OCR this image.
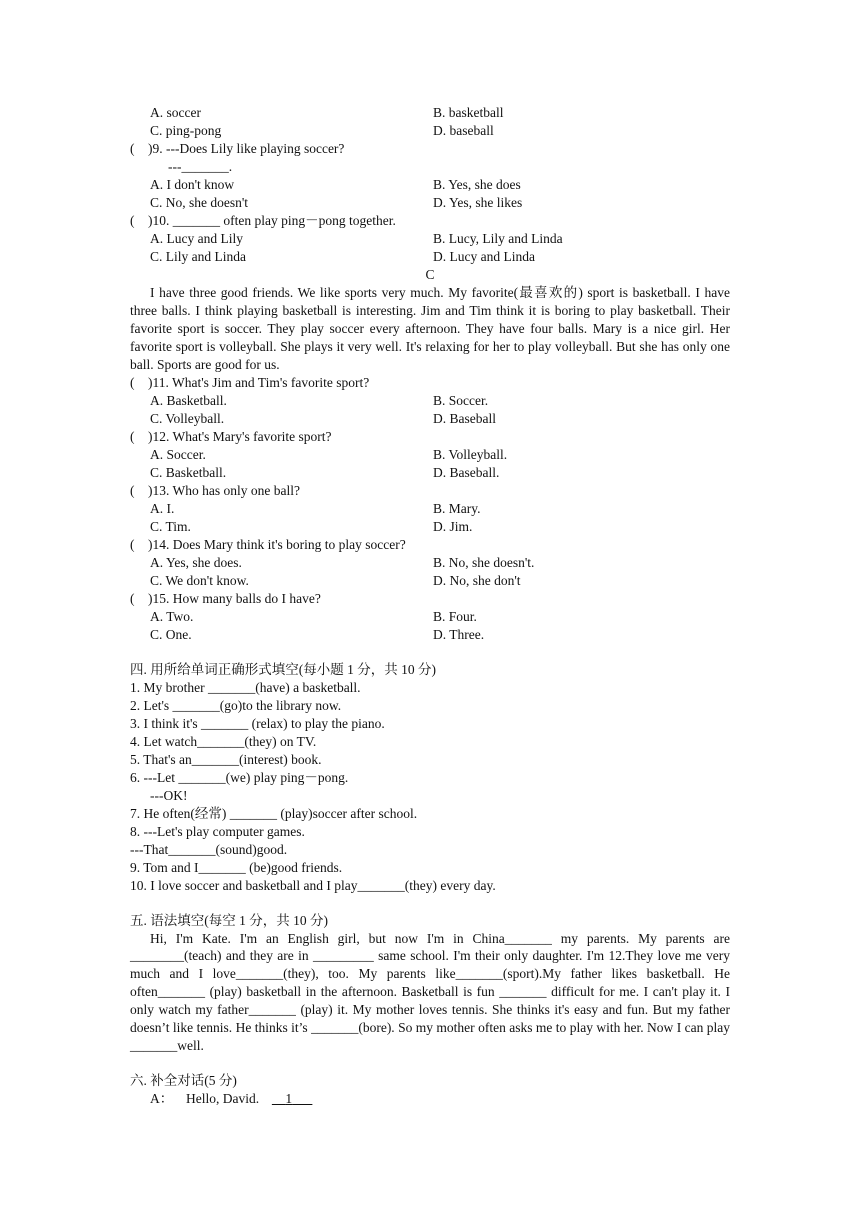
A. soccer	B. basketball
C. ping-pong	D. baseball
(　)9. ---Does Lily like playing soccer?
---_______.
A. I don't know	B. Yes, she does
C. No, she doesn't	D. Yes, she likes
(　)10. _______ often play ping－pong together.
A. Lucy and Lily	B. Lucy, Lily and Linda
C. Lily and Linda	D. Lucy and Linda
C
I have three good friends. We like sports very much. My favorite(最喜欢的) sport is basketball. I have three balls. I think playing basketball is interesting. Jim and Tim think it is boring to play basketball. Their favorite sport is soccer. They play soccer every afternoon. They have four balls. Mary is a nice girl. Her favorite sport is volleyball. She plays it very well. It's relaxing for her to play volleyball. But she has only one ball. Sports are good for us.
(　)11. What's Jim and Tim's favorite sport?
A. Basketball.	B. Soccer.
C. Volleyball.	D. Baseball
(　)12. What's Mary's favorite sport?
A. Soccer.	B. Volleyball.
C. Basketball.	D. Baseball.
(　)13. Who has only one ball?
A. I.	B. Mary.
C. Tim.	D. Jim.
(　)14. Does Mary think it's boring to play soccer?
A. Yes, she does.	B. No, she doesn't.
C. We don't know.	D. No, she don't
(　)15. How many balls do I have?
A. Two.	B. Four.
C. One.	D. Three.
四. 用所给单词正确形式填空(每小题 1 分，共 10 分)
1. My brother _______(have) a basketball.
2. Let's _______(go)to the library now.
3. I think it's _______ (relax) to play the piano.
4. Let watch_______(they) on TV.
5. That's an_______(interest) book.
6. ---Let _______(we) play ping－pong.
---OK!
7. He often(经常) _______ (play)soccer after school.
8. ---Let's play computer games.
---That_______(sound)good.
9. Tom and I_______ (be)good friends.
10. I love soccer and basketball and I play_______(they) every day.
五. 语法填空(每空 1 分，共 10 分)
Hi, I'm Kate. I'm an English girl, but now I'm in China_______ my parents. My parents are ________(teach) and they are in _________ same school. I'm their only daughter. I'm 12.They love me very much and I love_______(they), too. My parents like_______(sport).My father likes basketball. He often_______ (play) basketball in the afternoon. Basketball is fun _______ difficult for me. I can't play it. I only watch my father_______ (play) it. My mother loves tennis. She thinks it's easy and fun. But my father doesn’t like tennis. He thinks it’s _______(bore). So my mother often asks me to play with her. Now I can play _______well.
六. 补全对话(5 分)
A： Hello, David. 1
